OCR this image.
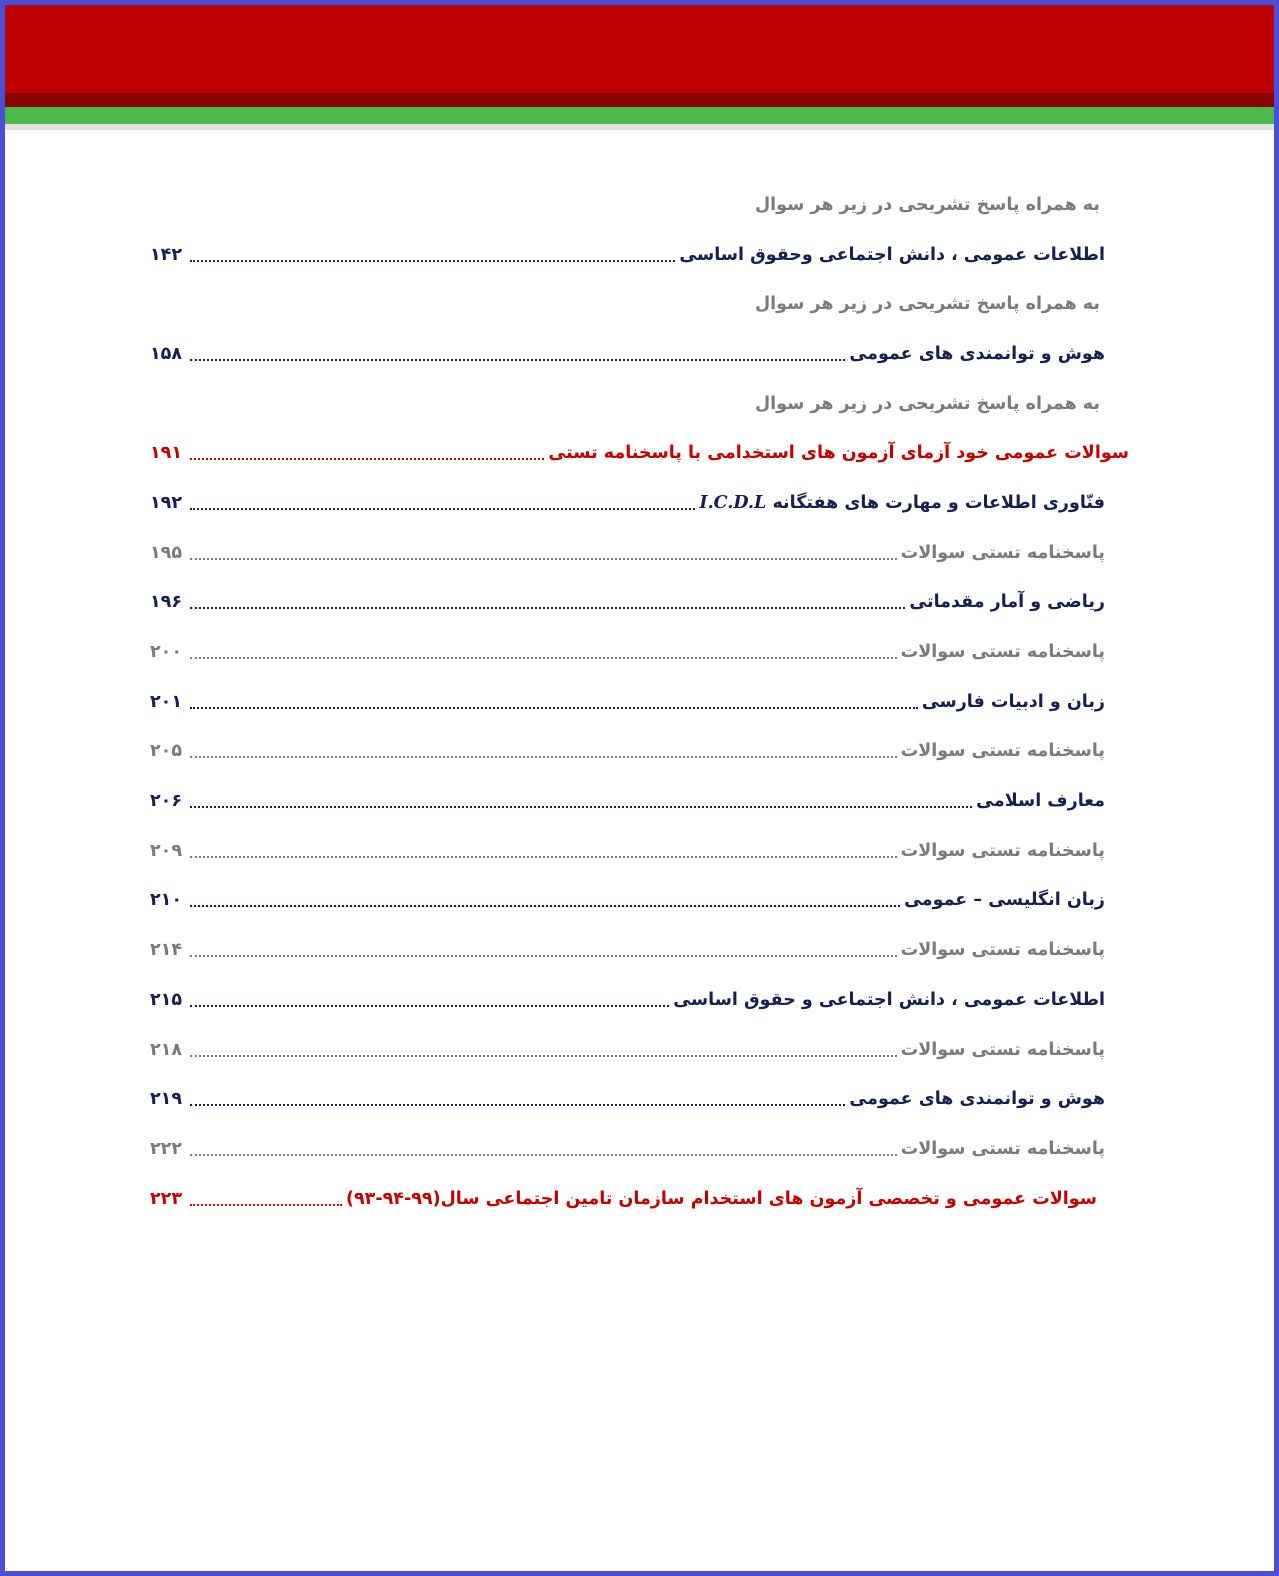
به همراه پاسخ تشریحی در زیر هر سوال
اطلاعات عمومی ، دانش اجتماعی وحقوق اساسی
۱۴۲
به همراه پاسخ تشریحی در زیر هر سوال
هوش و توانمندی های عمومی
۱۵۸
به همراه پاسخ تشریحی در زیر هر سوال
سوالات عمومی خود آزمای آزمون های استخدامی با پاسخنامه تستی
۱۹۱
فنّاوری اطلاعات و مهارت های هفتگانه I.C.D.L
۱۹۲
پاسخنامه تستی سوالات
۱۹۵
ریاضی و آمار مقدماتی
۱۹۶
پاسخنامه تستی سوالات
۲۰۰
زبان و ادبیات فارسی
۲۰۱
پاسخنامه تستی سوالات
۲۰۵
معارف اسلامی
۲۰۶
پاسخنامه تستی سوالات
۲۰۹
زبان انگلیسی – عمومی
۲۱۰
پاسخنامه تستی سوالات
۲۱۴
اطلاعات عمومی ، دانش اجتماعی و حقوق اساسی
۲۱۵
پاسخنامه تستی سوالات
۲۱۸
هوش و توانمندی های عمومی
۲۱۹
پاسخنامه تستی سوالات
۲۲۲
سوالات عمومی و تخصصی آزمون های استخدام سازمان تامین اجتماعی سال(۹۹-۹۴-۹۳)
۲۲۳
